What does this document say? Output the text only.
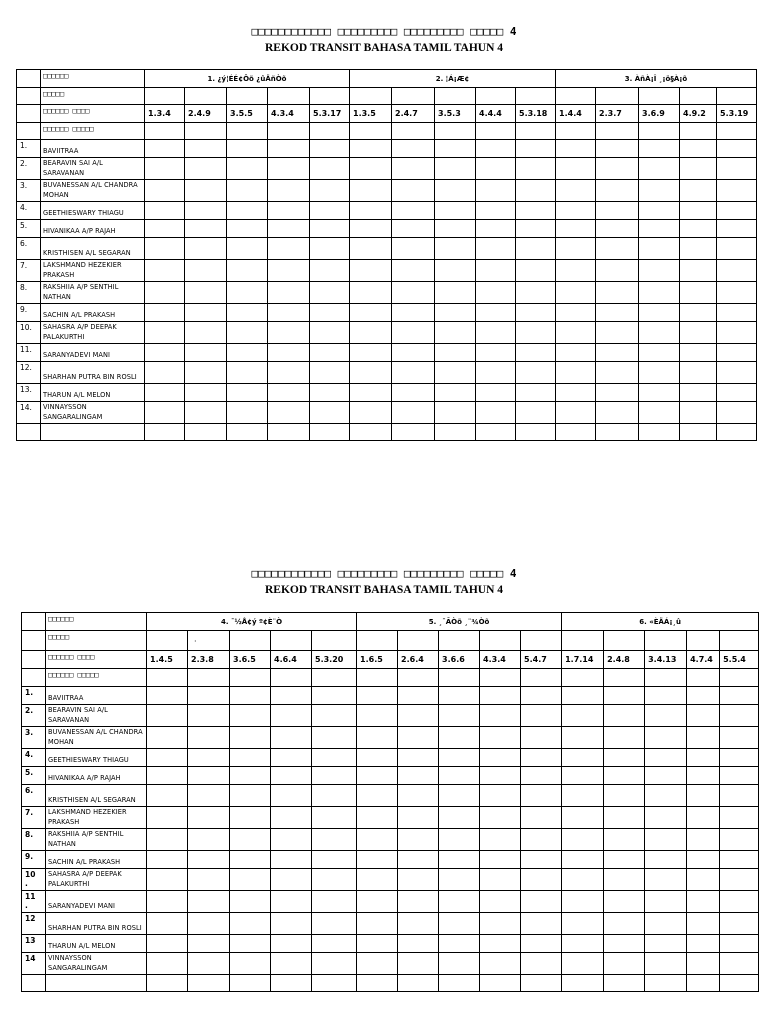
□□□□□□□□□□□□ □□□□□□□□□ □□□□□□□□□ □□□□□ 4
REKOD TRANSIT BAHASA TAMIL TAHUN 4
	□□□□□□	1. ¿ý¦ÉÉ¢Ôõ ¿ûÄñÒõ					2. ¦Á¡Æ¢					3. ÀñÀ¡Î ¸¡ö§À¡õ				
	□□□□□															
	□□□□□□ □□□□	1.3.4	2.4.9	3.5.5	4.3.4	5.3.17	1.3.5	2.4.7	3.5.3	4.4.4	5.3.18	1.4.4	2.3.7	3.6.9	4.9.2	5.3.19
	□□□□□□ □□□□□															
1.	BAVIITRAA															
2.	BEARAVIN SAI A/L SARAVANAN															
3.	BUVANESSAN A/L CHANDRA MOHAN															
4.	GEETHIESWARY THIAGU															
5.	HIVANIKAA A/P RAJAH															
6.	KRISTHISEN A/L SEGARAN															
7.	LAKSHMAND HEZEKIER PRAKASH															
8.	RAKSHIIA A/P SENTHIL NATHAN															
9.	SACHIN A/L PRAKASH															
10.	SAHASRA A/P DEEPAK PALAKURTHI															
11.	SARANYADEVI MANI															
12.	SHARHAN PUTRA BIN ROSLI															
13.	THARUN A/L MELON															
14.	VINNAYSSON SANGARALINGAM															

□□□□□□□□□□□□ □□□□□□□□□ □□□□□□□□□ □□□□□ 4
REKOD TRANSIT BAHASA TAMIL TAHUN 4
	□□□□□□	4. ¯½Å¢ý º¢È¨Ò					5. ¸¯ÃÒõ ¸¨¾Òõ					6. «ÈÄÁ¡¸û				
	□□□□□		·													
	□□□□□□ □□□□	1.4.5	2.3.8	3.6.5	4.6.4	5.3.20	1.6.5	2.6.4	3.6.6	4.3.4	5.4.7	1.7.14	2.4.8	3.4.13	4.7.4	5.5.4
	□□□□□□ □□□□□															
1.	BAVIITRAA															
2.	BEARAVIN SAI A/L SARAVANAN															
3.	BUVANESSAN A/L CHANDRA MOHAN															
4.	GEETHIESWARY THIAGU															
5.	HIVANIKAA A/P RAJAH															
6.	KRISTHISEN A/L SEGARAN															
7.	LAKSHMAND HEZEKIER PRAKASH															
8.	RAKSHIIA A/P SENTHIL NATHAN															
9.	SACHIN A/L PRAKASH															
10
.	SAHASRA A/P DEEPAK PALAKURTHI															
11
.	SARANYADEVI MANI															
12	SHARHAN PUTRA BIN ROSLI															
13	THARUN A/L MELON															
14	VINNAYSSON SANGARALINGAM															
